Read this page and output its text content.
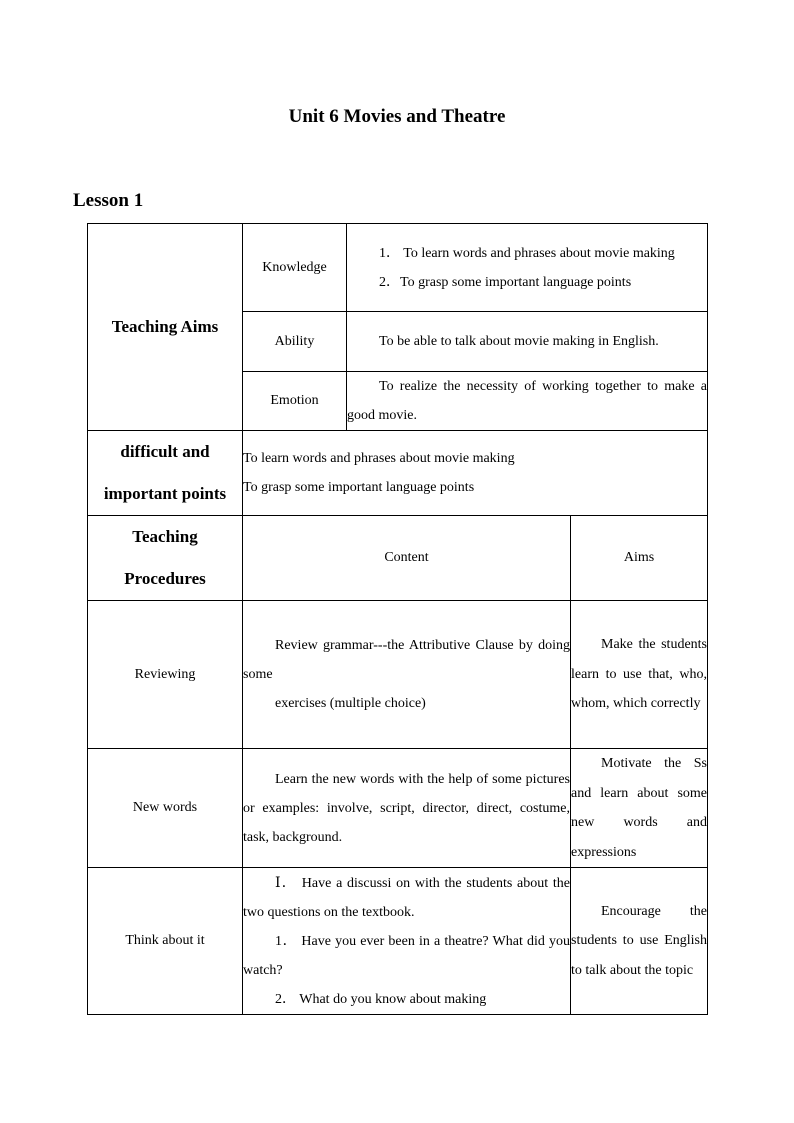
Unit 6 Movies and Theatre
Lesson 1
Teaching Aims	Knowledge	1． To learn words and phrases about movie making
2．To grasp some important language points	

	Ability	To be able to talk about movie making in English.	

	Emotion	To realize the necessity of working together to make a good movie.	

difficult and
important points	To learn words and phrases about movie making
To grasp some important language points		

Teaching
Procedures	Content		Aims
Reviewing	Review grammar---the Attributive Clause by doing some
exercises (multiple choice)		Make the students learn to use that, who, whom, which correctly

New words	Learn the new words with the help of some pictures or examples: involve, script, director, direct, costume, task, background.		Motivate the Ss and learn about some new words and expressions

Think about it	Ⅰ． Have a discussi on with the students about the two questions on the textbook.
1． Have you ever been in a theatre? What did you watch?
2． What do you know about making		Encourage the students to use English to talk about the topic
